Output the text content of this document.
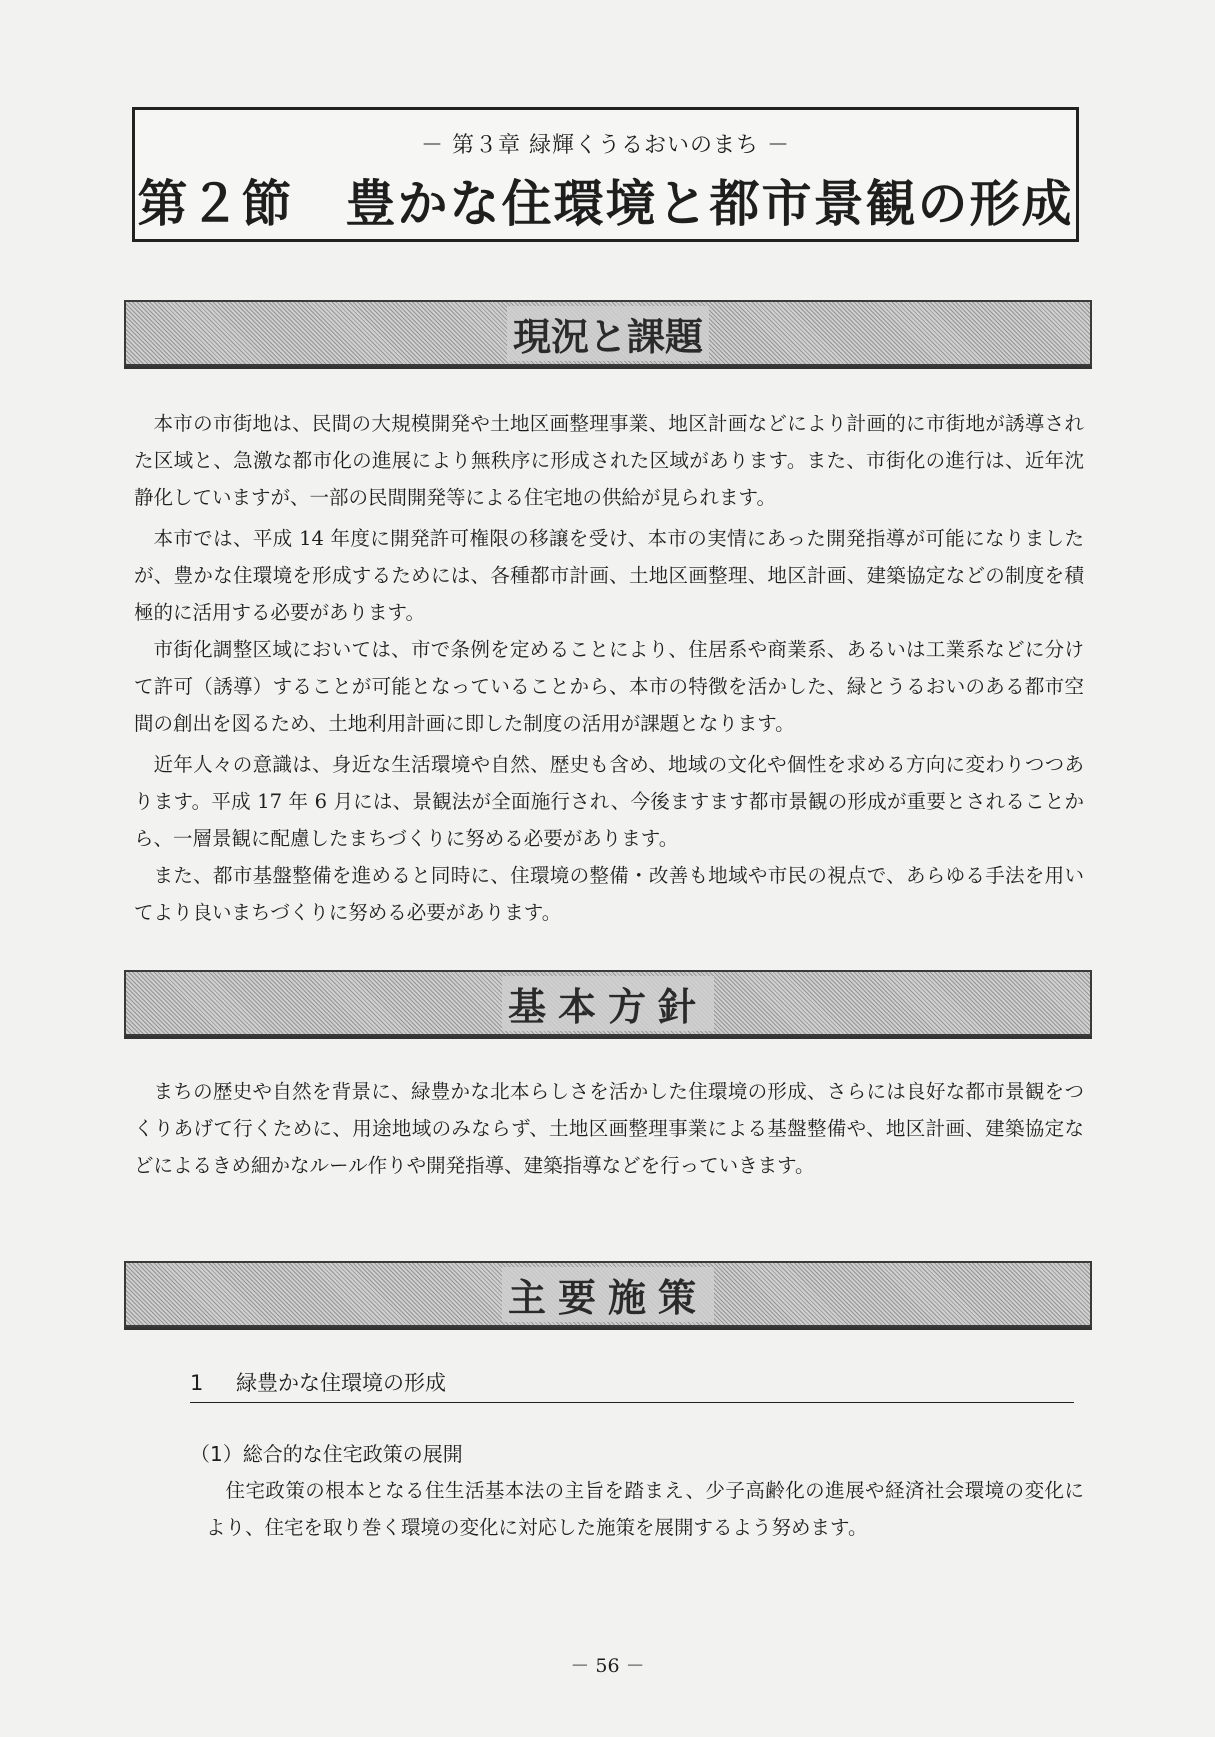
－ 第３章 緑輝くうるおいのまち －
第２節　豊かな住環境と都市景観の形成
現況と課題
本市の市街地は、民間の大規模開発や土地区画整理事業、地区計画などにより計画的に市街地が誘導された区域と、急激な都市化の進展により無秩序に形成された区域があります。また、市街化の進行は、近年沈静化していますが、一部の民間開発等による住宅地の供給が見られます。
本市では、平成 14 年度に開発許可権限の移譲を受け、本市の実情にあった開発指導が可能になりましたが、豊かな住環境を形成するためには、各種都市計画、土地区画整理、地区計画、建築協定などの制度を積極的に活用する必要があります。
市街化調整区域においては、市で条例を定めることにより、住居系や商業系、あるいは工業系などに分けて許可（誘導）することが可能となっていることから、本市の特徴を活かした、緑とうるおいのある都市空間の創出を図るため、土地利用計画に即した制度の活用が課題となります。
近年人々の意識は、身近な生活環境や自然、歴史も含め、地域の文化や個性を求める方向に変わりつつあります。平成 17 年 6 月には、景観法が全面施行され、今後ますます都市景観の形成が重要とされることから、一層景観に配慮したまちづくりに努める必要があります。
また、都市基盤整備を進めると同時に、住環境の整備・改善も地域や市民の視点で、あらゆる手法を用いてより良いまちづくりに努める必要があります。
基本方針
まちの歴史や自然を背景に、緑豊かな北本らしさを活かした住環境の形成、さらには良好な都市景観をつくりあげて行くために、用途地域のみならず、土地区画整理事業による基盤整備や、地区計画、建築協定などによるきめ細かなルール作りや開発指導、建築指導などを行っていきます。
主要施策
1 緑豊かな住環境の形成
（1）総合的な住宅政策の展開
住宅政策の根本となる住生活基本法の主旨を踏まえ、少子高齢化の進展や経済社会環境の変化により、住宅を取り巻く環境の変化に対応した施策を展開するよう努めます。
－ 56 －
